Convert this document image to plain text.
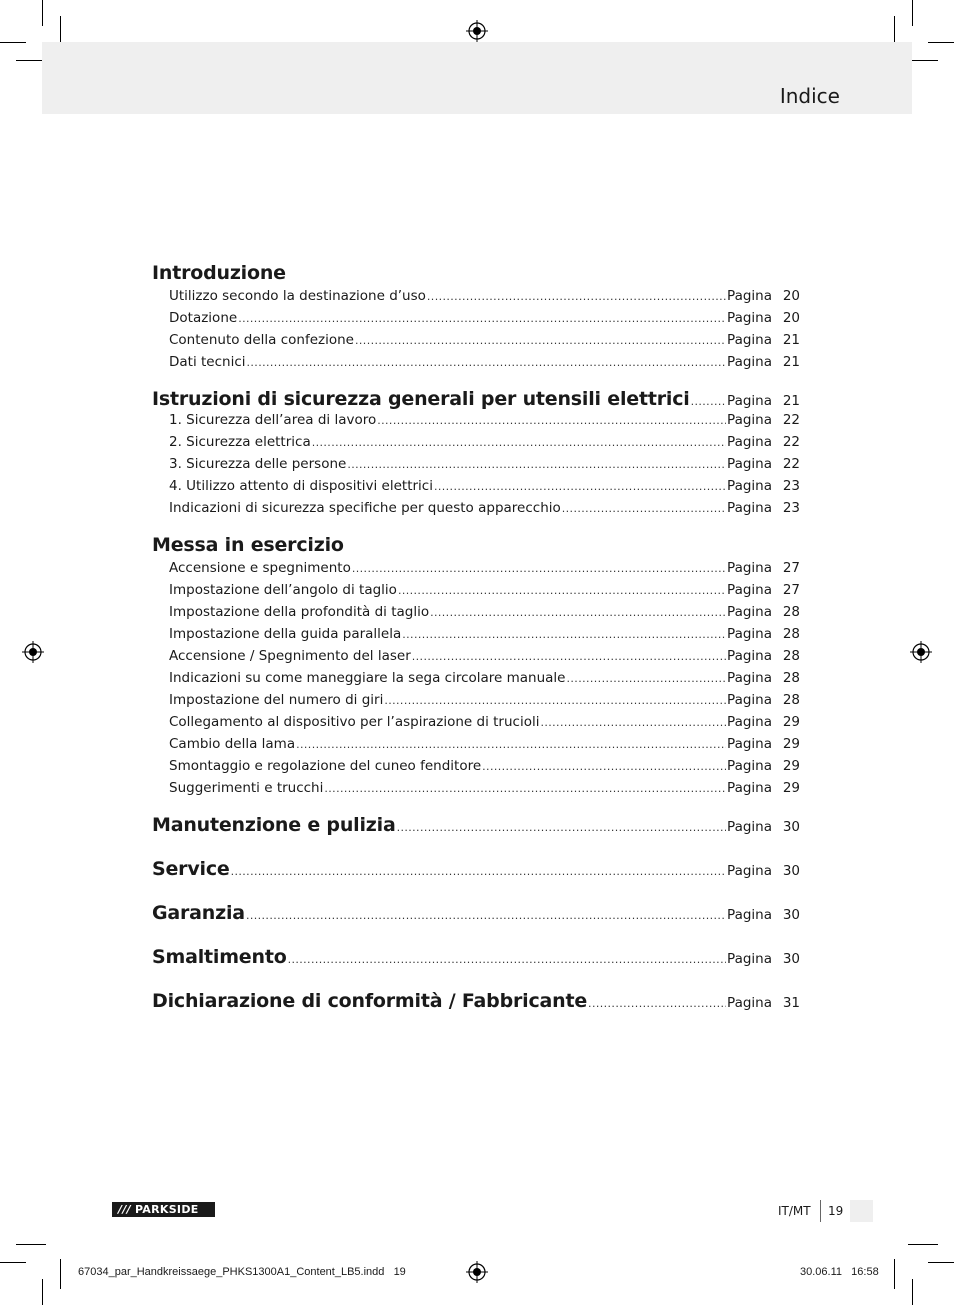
Indice
Introduzione
Utilizzo secondo la destinazione d’uso .....	Pagina 20
Dotazione .....	Pagina 20
Contenuto della confezione .....	Pagina 21
Dati tecnici .....	Pagina 21
Istruzioni di sicurezza generali per utensili elettrici .....	Pagina 21
1. Sicurezza dell’area di lavoro .....	Pagina 22
2. Sicurezza elettrica .....	Pagina 22
3. Sicurezza delle persone .....	Pagina 22
4. Utilizzo attento di dispositivi elettrici .....	Pagina 23
Indicazioni di sicurezza specifiche per questo apparecchio .....	Pagina 23
Messa in esercizio
Accensione e spegnimento .....	Pagina 27
Impostazione dell’angolo di taglio .....	Pagina 27
Impostazione della profondità di taglio .....	Pagina 28
Impostazione della guida parallela .....	Pagina 28
Accensione / Spegnimento del laser .....	Pagina 28
Indicazioni su come maneggiare la sega circolare manuale .....	Pagina 28
Impostazione del numero di giri .....	Pagina 28
Collegamento al dispositivo per l’aspirazione di trucioli .....	Pagina 29
Cambio della lama .....	Pagina 29
Smontaggio e regolazione del cuneo fenditore .....	Pagina 29
Suggerimenti e trucchi .....	Pagina 29
Manutenzione e pulizia .....	Pagina 30
Service .....	Pagina 30
Garanzia .....	Pagina 30
Smaltimento .....	Pagina 30
Dichiarazione di conformità / Fabbricante .....	Pagina 31
/// PARKSIDE	IT/MT 19
67034_par_Handkreissaege_PHKS1300A1_Content_LB5.indd   19	30.06.11   16:58
